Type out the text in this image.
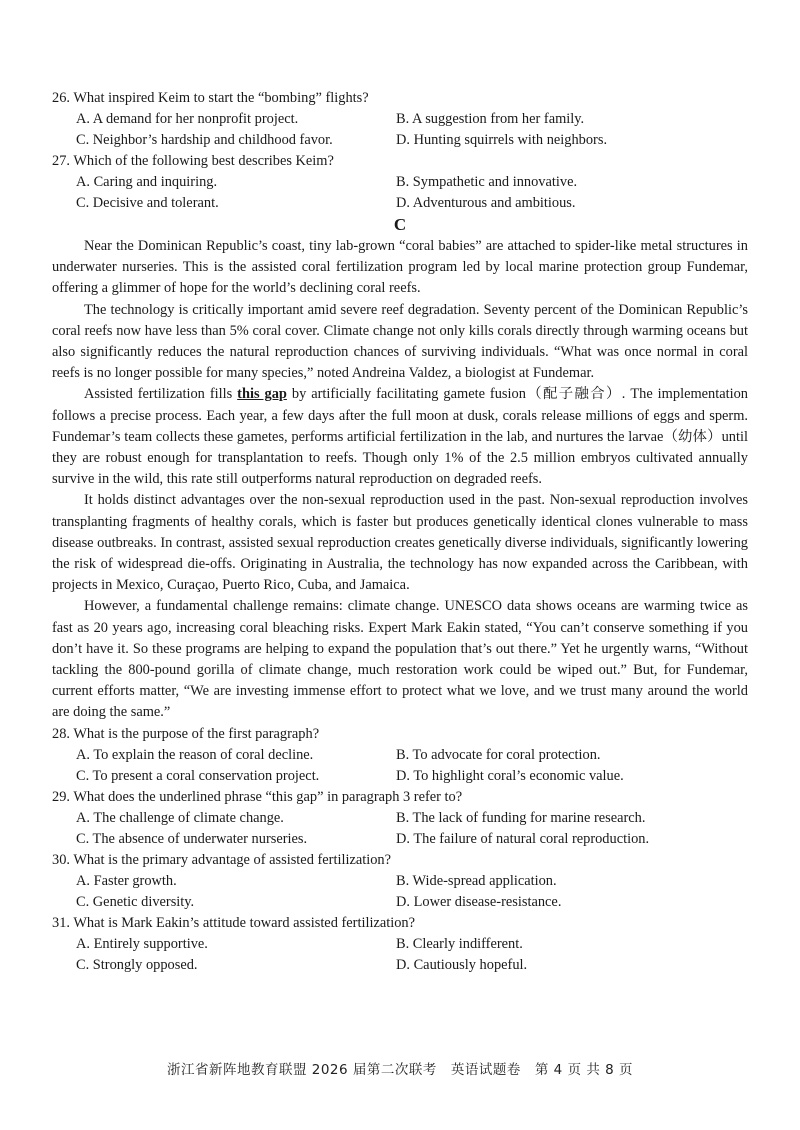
26. What inspired Keim to start the “bombing” flights?
A. A demand for her nonprofit project.	B. A suggestion from her family.
C. Neighbor’s hardship and childhood favor.	D. Hunting squirrels with neighbors.
27. Which of the following best describes Keim?
A. Caring and inquiring.	B. Sympathetic and innovative.
C. Decisive and tolerant.	D. Adventurous and ambitious.
C

Near the Dominican Republic’s coast, tiny lab-grown “coral babies” are attached to spider-like metal structures in underwater nurseries. This is the assisted coral fertilization program led by local marine protection group Fundemar, offering a glimmer of hope for the world’s declining coral reefs.

The technology is critically important amid severe reef degradation. Seventy percent of the Dominican Republic’s coral reefs now have less than 5% coral cover. Climate change not only kills corals directly through warming oceans but also significantly reduces the natural reproduction chances of surviving individuals. “What was once normal in coral reefs is no longer possible for many species,” noted Andreina Valdez, a biologist at Fundemar.

Assisted fertilization fills this gap by artificially facilitating gamete fusion（配子融合）. The implementation follows a precise process. Each year, a few days after the full moon at dusk, corals release millions of eggs and sperm. Fundemar’s team collects these gametes, performs artificial fertilization in the lab, and nurtures the larvae（幼体）until they are robust enough for transplantation to reefs. Though only 1% of the 2.5 million embryos cultivated annually survive in the wild, this rate still outperforms natural reproduction on degraded reefs.

It holds distinct advantages over the non-sexual reproduction used in the past. Non-sexual reproduction involves transplanting fragments of healthy corals, which is faster but produces genetically identical clones vulnerable to mass disease outbreaks. In contrast, assisted sexual reproduction creates genetically diverse individuals, significantly lowering the risk of widespread die-offs. Originating in Australia, the technology has now expanded across the Caribbean, with projects in Mexico, Curaçao, Puerto Rico, Cuba, and Jamaica.

However, a fundamental challenge remains: climate change. UNESCO data shows oceans are warming twice as fast as 20 years ago, increasing coral bleaching risks. Expert Mark Eakin stated, “You can’t conserve something if you don’t have it. So these programs are helping to expand the population that’s out there.” Yet he urgently warns, “Without tackling the 800-pound gorilla of climate change, much restoration work could be wiped out.” But, for Fundemar, current efforts matter, “We are investing immense effort to protect what we love, and we trust many around the world are doing the same.”

28. What is the purpose of the first paragraph?
A. To explain the reason of coral decline.	B. To advocate for coral protection.
C. To present a coral conservation project.	D. To highlight coral’s economic value.
29. What does the underlined phrase “this gap” in paragraph 3 refer to?
A. The challenge of climate change.	B. The lack of funding for marine research.
C. The absence of underwater nurseries.	D. The failure of natural coral reproduction.
30. What is the primary advantage of assisted fertilization?
A. Faster growth.	B. Wide-spread application.
C. Genetic diversity.	D. Lower disease-resistance.
31. What is Mark Eakin’s attitude toward assisted fertilization?
A. Entirely supportive.	B. Clearly indifferent.
C. Strongly opposed.	D. Cautiously hopeful.
浙江省新阵地教育联盟 2026 届第二次联考　英语试题卷　第 4 页 共 8 页
